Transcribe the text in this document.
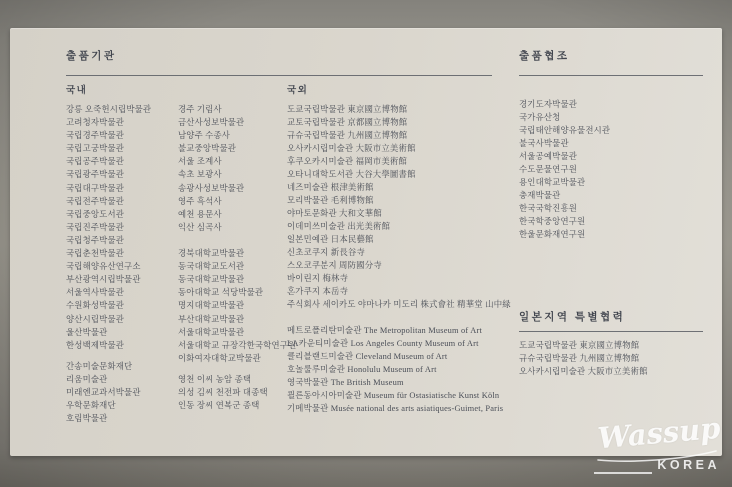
출품기관	출품협조
국내	국외
강릉 오죽헌시립박물관
고려청자박물관
국립경주박물관
국립고궁박물관
국립공주박물관
국립광주박물관
국립대구박물관
국립전주박물관
국립중앙도서관
국립진주박물관
국립청주박물관
국립춘천박물관
국립해양유산연구소
부산광역시립박물관
서울역사박물관
수원화성박물관
양산시립박물관
울산박물관
한성백제박물관
경주 기림사
금산사성보박물관
남양주 수종사
불교중앙박물관
서울 조계사
속초 보광사
송광사성보박물관
영주 흑석사
예천 용문사
익산 심곡사
경북대학교박물관
동국대학교도서관
동국대학교박물관
동아대학교 석당박물관
명지대학교박물관
부산대학교박물관
서울대학교박물관
서울대학교 규장각한국학연구원
이화여자대학교박물관
간송미술문화재단
리움미술관
미래엔교과서박물관
우학문화재단
호림박물관
영천 이씨 농암 종택
의성 김씨 천전파 대종택
인동 장씨 연복군 종택
도쿄국립박물관 東京國立博物館
교토국립박물관 京都國立博物館
규슈국립박물관 九州國立博物館
오사카시립미술관 大阪市立美術館
후쿠오카시미술관 福岡市美術館
오타니대학도서관 大谷大學圖書館
네즈미술관 根津美術館
모리박물관 毛利博物館
야마토문화관 大和文華館
이데미쓰미술관 出光美術館
일본민예관 日本民藝館
신초코쿠지 新長谷寺
스오코쿠분지 周防國分寺
바이린지 梅林寺
혼가쿠지 本岳寺
주식회사 세이카도 야마나카 미도리 株式會社 精華堂 山中緑
메트로폴리탄미술관 The Metropolitan Museum of Art
LA카운티미술관 Los Angeles County Museum of Art
클리블랜드미술관 Cleveland Museum of Art
호놀룰루미술관 Honolulu Museum of Art
영국박물관 The British Museum
쾰른동아시아미술관 Museum für Ostasiatische Kunst Köln
기메박물관 Musée national des arts asiatiques-Guimet, Paris
경기도자박물관
국가유산청
국립태안해양유물전시관
불국사박물관
서울공예박물관
수도문물연구원
용인대학교박물관
충재박물관
한국국학진흥원
한국학중앙연구원
한울문화재연구원
일본지역 특별협력
도쿄국립박물관 東京國立博物館
규슈국립박물관 九州國立博物館
오사카시립미술관 大阪市立美術館
Wassup
KOREA
